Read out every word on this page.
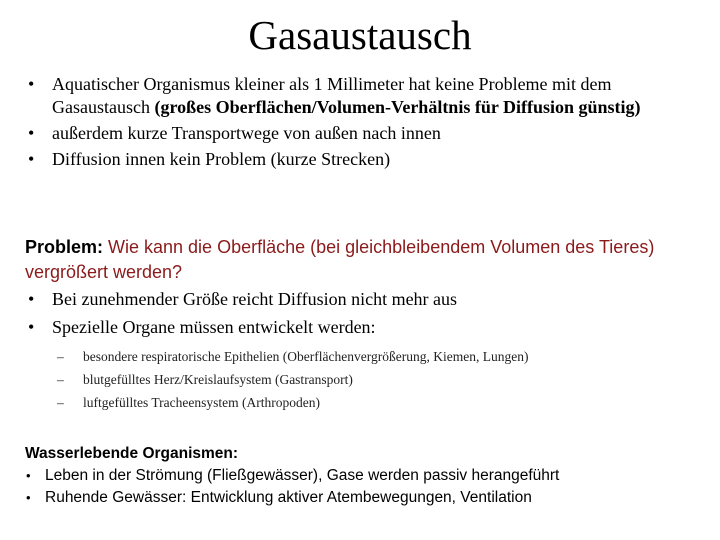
Gasaustausch
• Aquatischer Organismus kleiner als 1 Millimeter hat keine Probleme mit dem Gasaustausch (großes Oberflächen/Volumen-Verhältnis für Diffusion günstig)
• außerdem kurze Transportwege von außen nach innen
• Diffusion innen kein Problem (kurze Strecken)
Problem: Wie kann die Oberfläche (bei gleichbleibendem Volumen des Tieres) vergrößert werden?
• Bei zunehmender Größe reicht Diffusion nicht mehr aus
• Spezielle Organe müssen entwickelt werden:
– besondere respiratorische Epithelien (Oberflächenvergrößerung, Kiemen, Lungen)
– blutgefülltes Herz/Kreislaufsystem (Gastransport)
– luftgefülltes Tracheensystem (Arthropoden)
Wasserlebende Organismen:
• Leben in der Strömung (Fließgewässer), Gase werden passiv herangeführt
• Ruhende Gewässer: Entwicklung aktiver Atembewegungen, Ventilation
